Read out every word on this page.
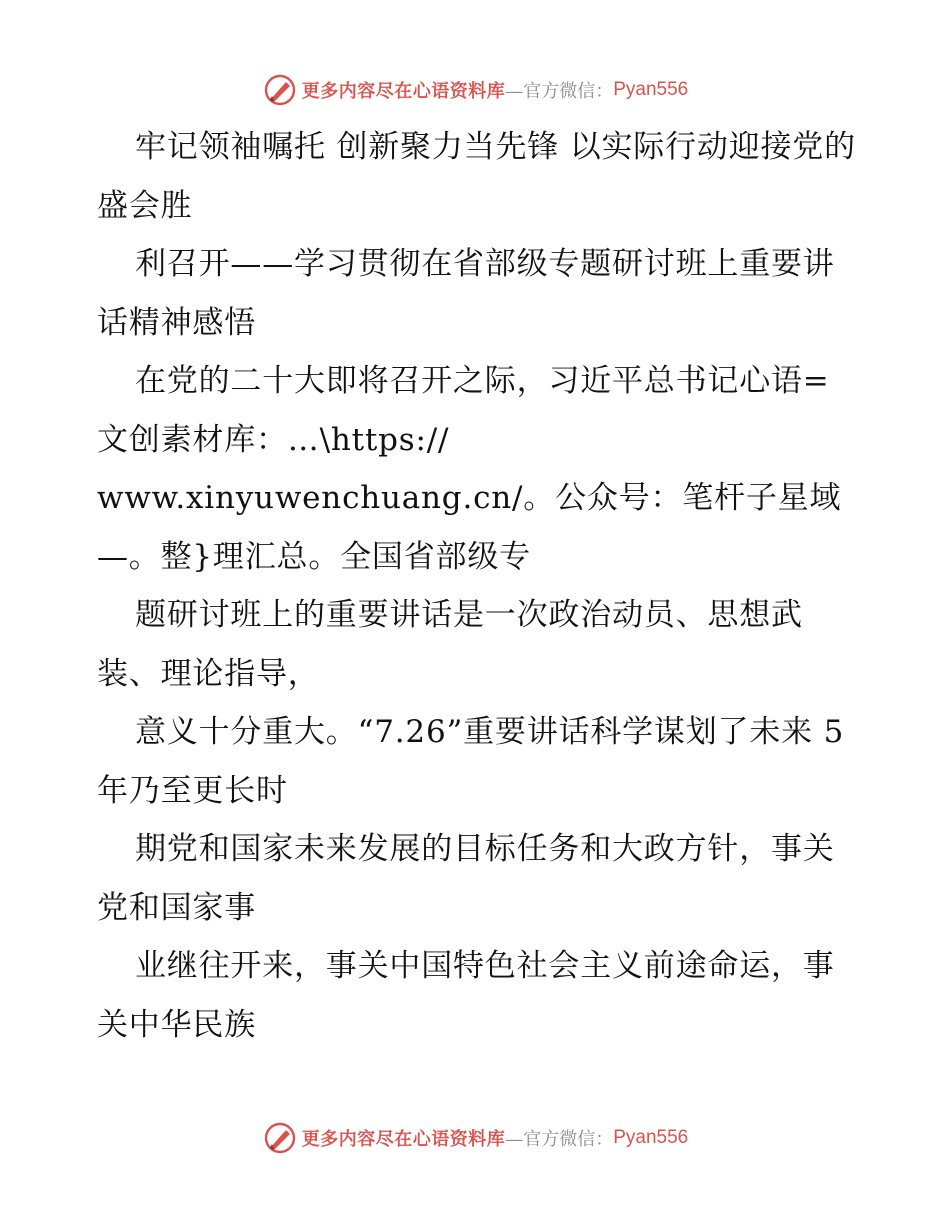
更多内容尽在心语资料库 —官方微信： Pyan556

牢记领袖嘱托 创新聚力当先锋 以实际行动迎接党的盛会胜

利召开——学习贯彻在省部级专题研讨班上重要讲话精神感悟

在党的二十大即将召开之际，习近平总书记心语=文创素材库：…\https://

www.xinyuwenchuang.cn/。公众号：笔杆子星域—。整}理汇总。全国省部级专

题研讨班上的重要讲话是一次政治动员、思想武装、理论指导，

意义十分重大。“7.26”重要讲话科学谋划了未来 5年乃至更长时

期党和国家未来发展的目标任务和大政方针，事关党和国家事

业继往开来，事关中国特色社会主义前途命运，事关中华民族

更多内容尽在心语资料库 —官方微信： Pyan556
